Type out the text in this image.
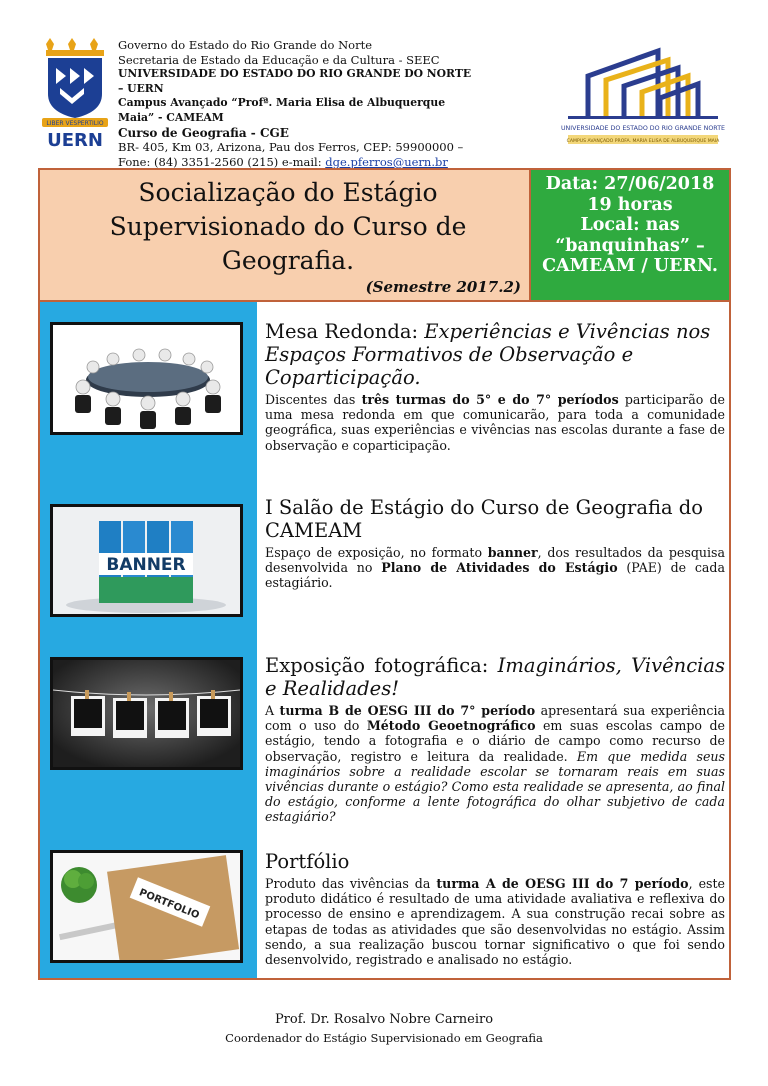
LIBER VESPERTILIO
UERN
Governo do Estado do Rio Grande do Norte
Secretaria de Estado da Educação e da Cultura - SEEC
UNIVERSIDADE DO ESTADO DO RIO GRANDE DO NORTE – UERN
Campus Avançado “Profª. Maria Elisa de Albuquerque Maia” - CAMEAM
Curso de Geografia - CGE
BR- 405, Km 03, Arizona, Pau dos Ferros, CEP: 59900000 –
Fone: (84) 3351-2560 (215) e-mail: dge.pferros@uern.br
UNIVERSIDADE DO ESTADO DO RIO GRANDE NORTE
CAMPUS AVANÇADO PROFA. MARIA ELISA DE ALBUQUERQUE MAIA
Socialização do Estágio Supervisionado do Curso de Geografia.
(Semestre 2017.2)
Data: 27/06/2018
19 horas
Local: nas “banquinhas” – CAMEAM / UERN.
BANNER
PORTFOLIO
Mesa Redonda: Experiências e Vivências nos Espaços Formativos de Observação e Coparticipação.

Discentes das três turmas do 5° e do 7° períodos participarão de uma mesa redonda em que comunicarão, para toda a comunidade geográfica, suas experiências e vivências nas escolas durante a fase de observação e coparticipação.

I Salão de Estágio do Curso de Geografia do CAMEAM

Espaço de exposição, no formato banner, dos resultados da pesquisa desenvolvida no Plano de Atividades do Estágio (PAE) de cada estagiário.

Exposição fotográfica: Imaginários, Vivências e Realidades!

A turma B de OESG III do 7° período apresentará sua experiência com o uso do Método Geoetnográfico em suas escolas campo de estágio, tendo a fotografia e o diário de campo como recurso de observação, registro e leitura da realidade. Em que medida seus imaginários sobre a realidade escolar se tornaram reais em suas vivências durante o estágio? Como esta realidade se apresenta, ao final do estágio, conforme a lente fotográfica do olhar subjetivo de cada estagiário?

Portfólio

Produto das vivências da turma A de OESG III do 7 período, este produto didático é resultado de uma atividade avaliativa e reflexiva do processo de ensino e aprendizagem. A sua construção recai sobre as etapas de todas as atividades que são desenvolvidas no estágio. Assim sendo, a sua realização buscou tornar significativo o que foi sendo desenvolvido, registrado e analisado no estágio.

Prof. Dr. Rosalvo Nobre Carneiro
Coordenador do Estágio Supervisionado em Geografia
